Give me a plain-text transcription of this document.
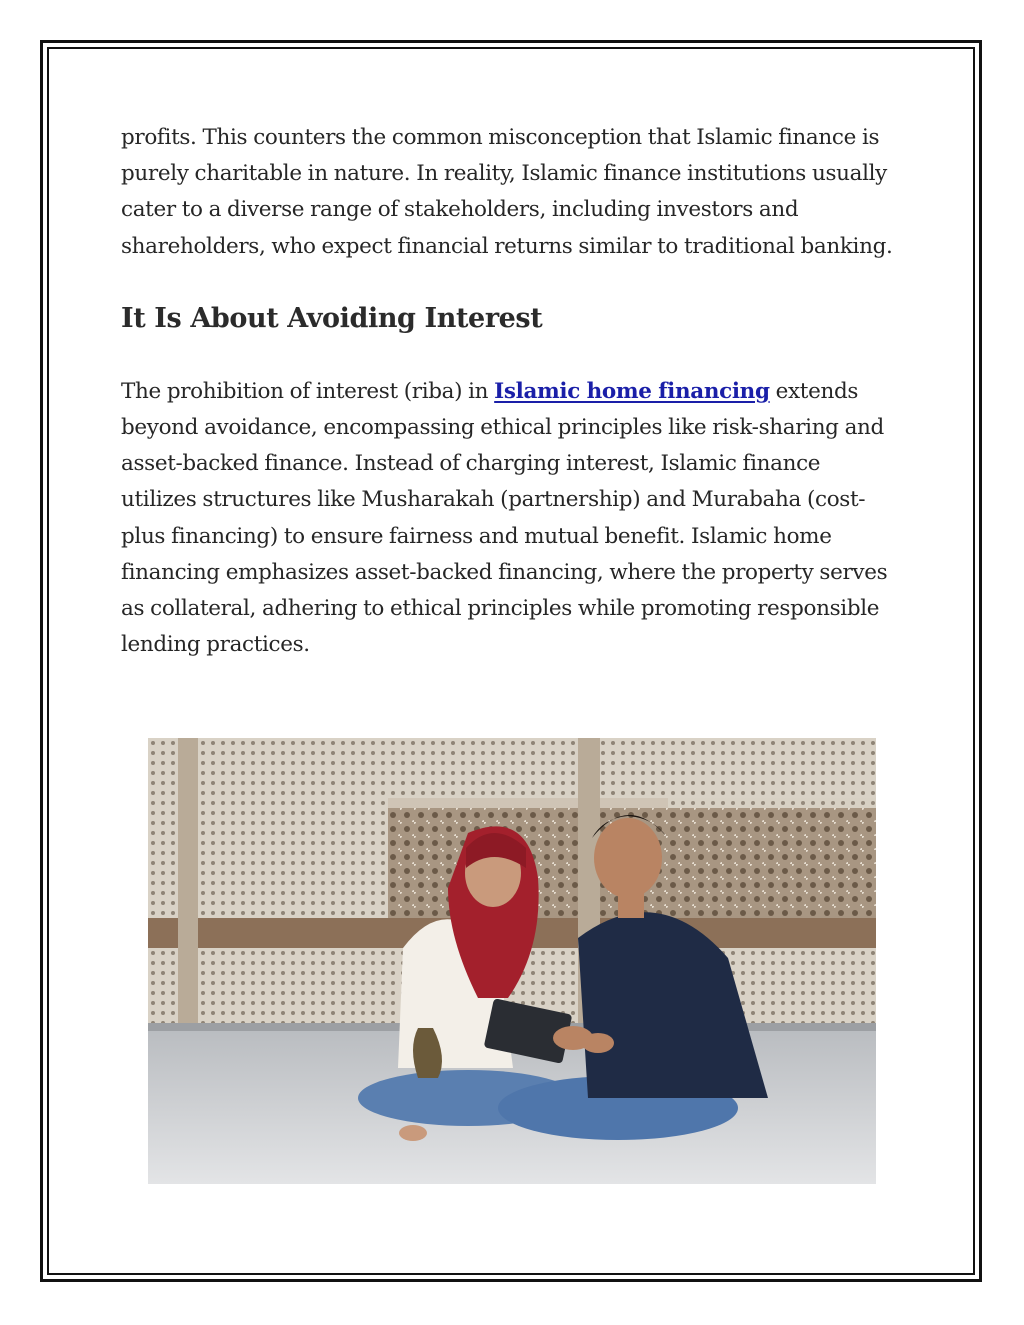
profits. This counters the common misconception that Islamic finance is purely charitable in nature. In reality, Islamic finance institutions usually cater to a diverse range of stakeholders, including investors and shareholders, who expect financial returns similar to traditional banking.

It Is About Avoiding Interest

The prohibition of interest (riba) in Islamic home financing extends beyond avoidance, encompassing ethical principles like risk-sharing and asset-backed finance. Instead of charging interest, Islamic finance utilizes structures like Musharakah (partnership) and Murabaha (cost-plus financing) to ensure fairness and mutual benefit. Islamic home financing emphasizes asset-backed financing, where the property serves as collateral, adhering to ethical principles while promoting responsible lending practices.
